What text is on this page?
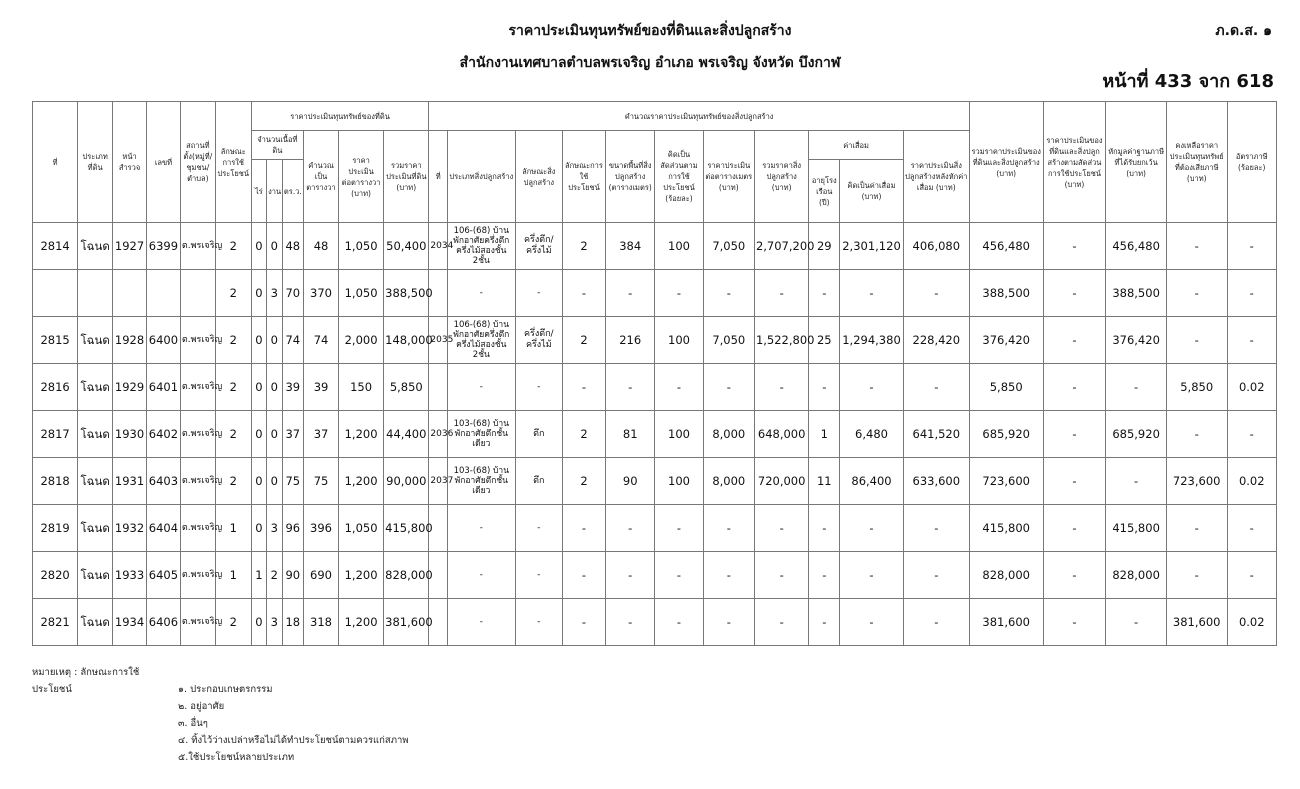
ราคาประเมินทุนทรัพย์ของที่ดินและสิ่งปลูกสร้าง
สำนักงานเทศบาลตำบลพรเจริญ อำเภอ พรเจริญ จังหวัด บึงกาฬ
ภ.ด.ส. ๑
หน้าที่ 433 จาก 618
ที่	ประเภทที่ดิน	หน้าสำรวจ	เลขที่	สถานที่ตั้ง(หมู่ที่/ชุมชน/ตำบล)	ลักษณะการใช้ประโยชน์	ราคาประเมินทุนทรัพย์ของที่ดิน						คำนวณราคาประเมินทุนทรัพย์ของสิ่งปลูกสร้าง											รวมราคาประเมินของที่ดินและสิ่งปลูกสร้าง (บาท)	ราคาประเมินของที่ดินและสิ่งปลูกสร้างตามสัดส่วนการใช้ประโยชน์ (บาท)	หักมูลค่าฐานภาษีที่ได้รับยกเว้น (บาท)	คงเหลือราคาประเมินทุนทรัพย์ที่ต้องเสียภาษี (บาท)	อัตราภาษี (ร้อยละ)
						จำนวนเนื้อที่ดิน			คำนวณเป็นตารางวา	ราคาประเมินต่อตารางวา (บาท)	รวมราคาประเมินที่ดิน (บาท)	ที่	ประเภทสิ่งปลูกสร้าง	ลักษณะสิ่งปลูกสร้าง	ลักษณะการใช้ประโยชน์	ขนาดพื้นที่สิ่งปลูกสร้าง (ตารางเมตร)	คิดเป็นสัดส่วนตามการใช้ประโยชน์ (ร้อยละ)	ราคาประเมินต่อตารางเมตร (บาท)	รวมราคาสิ่งปลูกสร้าง (บาท)	ค่าเสื่อม		ราคาประเมินสิ่งปลูกสร้างหลังหักค่าเสื่อม (บาท)					
						ไร่	งาน	ตร.ว.												อายุโรงเรือน (ปี)	คิดเป็นค่าเสื่อม (บาท)						
2814	โฉนด	1927	6399	ต.พรเจริญ	2	0	0	48	48	1,050	50,400	2034	106-(68) บ้านพักอาศัยครึ่งตึกครึ่งไม้สองชั้น 2ชั้น	ครึ่งตึก/ครึ่งไม้	2	384	100	7,050	2,707,200	29	2,301,120	406,080	456,480	-	456,480	-	-
					2	0	3	70	370	1,050	388,500		-	-	-	-	-	-	-	-	-	-	388,500	-	388,500	-	-
2815	โฉนด	1928	6400	ต.พรเจริญ	2	0	0	74	74	2,000	148,000	2035	106-(68) บ้านพักอาศัยครึ่งตึกครึ่งไม้สองชั้น 2ชั้น	ครึ่งตึก/ครึ่งไม้	2	216	100	7,050	1,522,800	25	1,294,380	228,420	376,420	-	376,420	-	-
2816	โฉนด	1929	6401	ต.พรเจริญ	2	0	0	39	39	150	5,850		-	-	-	-	-	-	-	-	-	-	5,850	-	-	5,850	0.02
2817	โฉนด	1930	6402	ต.พรเจริญ	2	0	0	37	37	1,200	44,400	2036	103-(68) บ้านพักอาศัยตึกชั้นเดียว	ตึก	2	81	100	8,000	648,000	1	6,480	641,520	685,920	-	685,920	-	-
2818	โฉนด	1931	6403	ต.พรเจริญ	2	0	0	75	75	1,200	90,000	2037	103-(68) บ้านพักอาศัยตึกชั้นเดียว	ตึก	2	90	100	8,000	720,000	11	86,400	633,600	723,600	-	-	723,600	0.02
2819	โฉนด	1932	6404	ต.พรเจริญ	1	0	3	96	396	1,050	415,800		-	-	-	-	-	-	-	-	-	-	415,800	-	415,800	-	-
2820	โฉนด	1933	6405	ต.พรเจริญ	1	1	2	90	690	1,200	828,000		-	-	-	-	-	-	-	-	-	-	828,000	-	828,000	-	-
2821	โฉนด	1934	6406	ต.พรเจริญ	2	0	3	18	318	1,200	381,600		-	-	-	-	-	-	-	-	-	-	381,600	-	-	381,600	0.02
หมายเหตุ : ลักษณะการใช้ประโยชน์	๑. ประกอบเกษตรกรรม
๒. อยู่อาศัย
๓. อื่นๆ
๔. ทิ้งไว้ว่างเปล่าหรือไม่ได้ทำประโยชน์ตามควรแก่สภาพ
๕.ใช้ประโยชน์หลายประเภท
